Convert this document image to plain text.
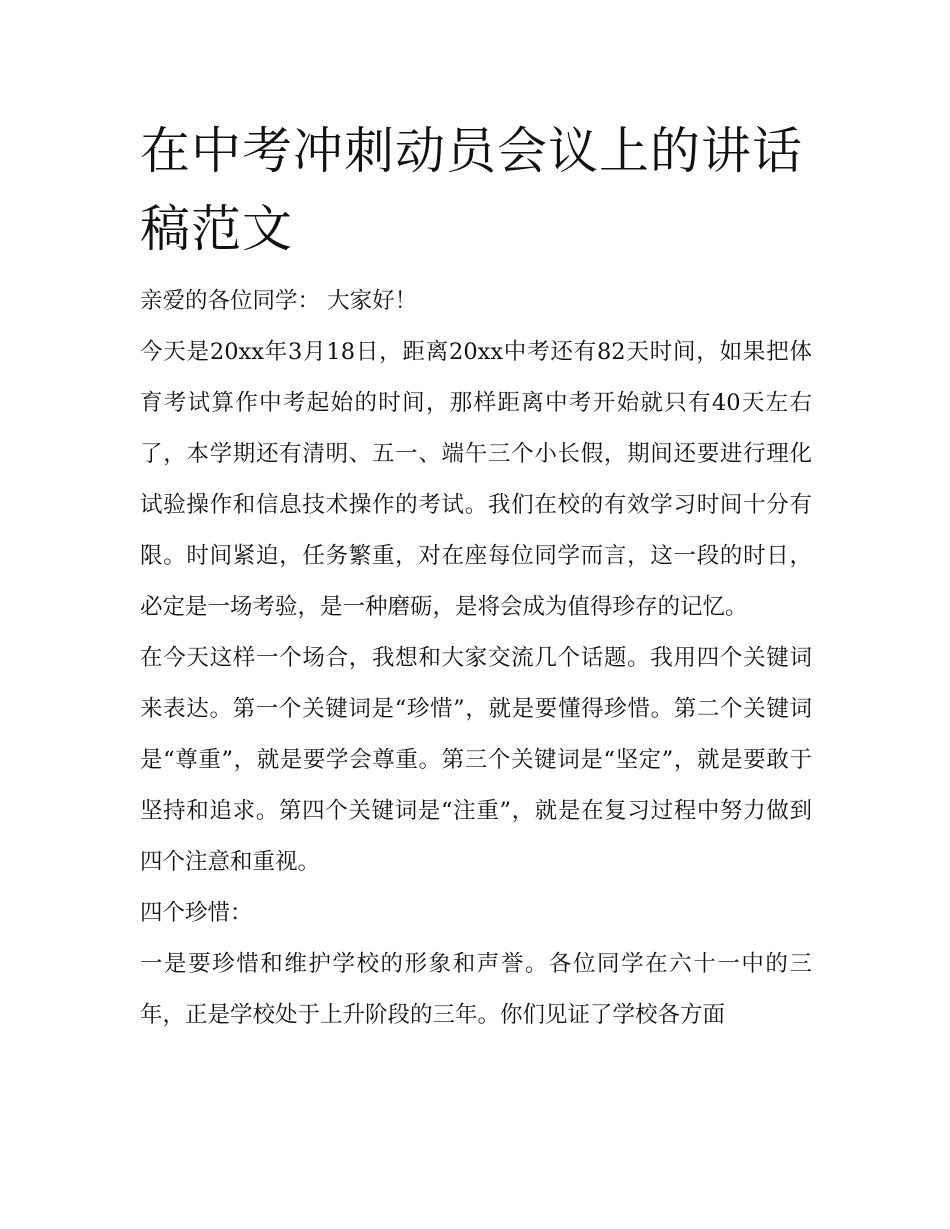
在中考冲刺动员会议上的讲话稿范文

亲爱的各位同学： 大家好！

今天是20xx年3月18日，距离20xx中考还有82天时间，如果把体育考试算作中考起始的时间，那样距离中考开始就只有40天左右了，本学期还有清明、五一、端午三个小长假，期间还要进行理化试验操作和信息技术操作的考试。我们在校的有效学习时间十分有限。时间紧迫，任务繁重，对在座每位同学而言，这一段的时日，必定是一场考验，是一种磨砺，是将会成为值得珍存的记忆。

在今天这样一个场合，我想和大家交流几个话题。我用四个关键词来表达。第一个关键词是“珍惜”，就是要懂得珍惜。第二个关键词是“尊重”，就是要学会尊重。第三个关键词是“坚定”，就是要敢于坚持和追求。第四个关键词是“注重”，就是在复习过程中努力做到四个注意和重视。

四个珍惜：

一是要珍惜和维护学校的形象和声誉。各位同学在六十一中的三年，正是学校处于上升阶段的三年。你们见证了学校各方面
